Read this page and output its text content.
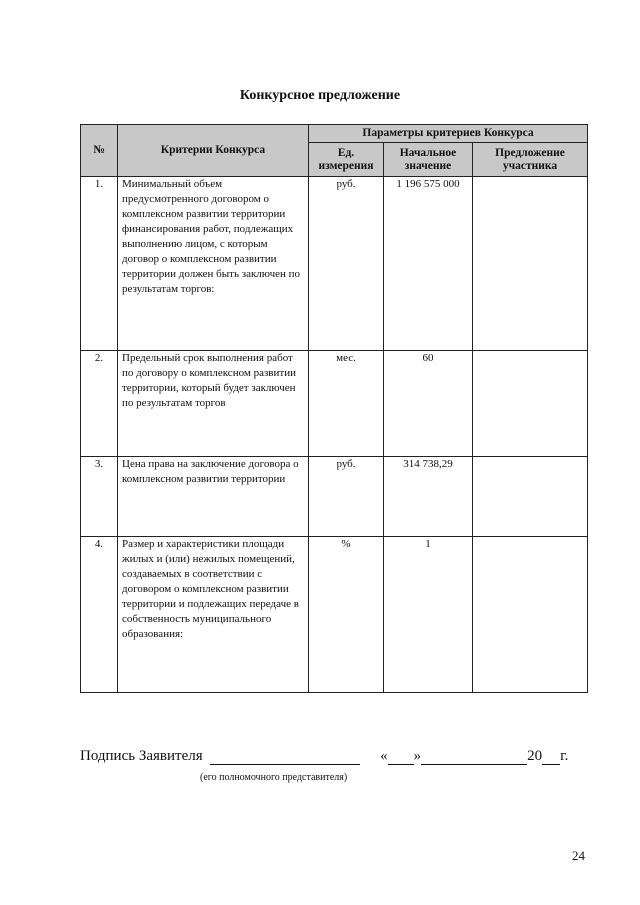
Конкурсное предложение
№	Критерии Конкурса	Параметры критериев Конкурса		
		Ед. измерения	Начальное значение	Предложение участника
1.	Минимальный объем предусмотренного договором о комплексном развитии территории финансирования работ, подлежащих выполнению лицом, с которым договор о комплексном развитии территории должен быть заключен по результатам торгов:	руб.	1 196 575 000	
2.	Предельный срок выполнения работ по договору о комплексном развитии территории, который будет заключен по результатам торгов	мес.	60	
3.	Цена права на заключение договора о комплексном развитии территории	руб.	314 738,29	
4.	Размер и характеристики площади жилых и (или) нежилых помещений, создаваемых в соответствии с договором о комплексном развитии территории и подлежащих передаче в собственность муниципального образования:	%	1	
Подпись Заявителя	« »	20 г.
(его полномочного представителя)
24
